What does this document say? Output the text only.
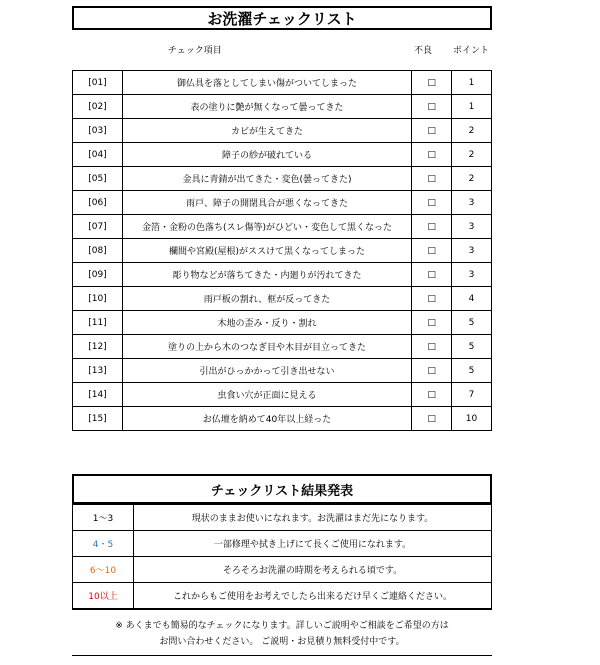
お洗濯チェックリスト
チェック項目	不良 ポイント
[01]	御仏具を落としてしまい傷がついてしまった	□	1
[02]	表の塗りに艶が無くなって曇ってきた	□	1
[03]	カビが生えてきた	□	2
[04]	障子の紗が破れている	□	2
[05]	金具に青錆が出てきた・変色(曇ってきた)	□	2
[06]	雨戸、障子の開閉具合が悪くなってきた	□	3
[07]	金箔・金粉の色落ち(スレ傷等)がひどい・変色して黒くなった	□	3
[08]	欄間や宮殿(屋根)がススけて黒くなってしまった	□	3
[09]	彫り物などが落ちてきた・内廻りが汚れてきた	□	3
[10]	雨戸板の割れ、框が反ってきた	□	4
[11]	木地の歪み・反り・割れ	□	5
[12]	塗りの上から木のつなぎ目や木目が目立ってきた	□	5
[13]	引出がひっかかって引き出せない	□	5
[14]	虫食い穴が正面に見える	□	7
[15]	お仏壇を納めて40年以上経った	□	10
チェックリスト結果発表
1～3	現状のままお使いになれます。お洗濯はまだ先になります。
4・5	一部修理や拭き上げにて長くご使用になれます。
6～10	そろそろお洗濯の時期を考えられる頃です。
10以上	これからもご使用をお考えでしたら出来るだけ早くご連絡ください。
※ あくまでも簡易的なチェックになります。詳しいご説明やご相談をご希望の方は
お問い合わせください。 ご説明・お見積り無料受付中です。
